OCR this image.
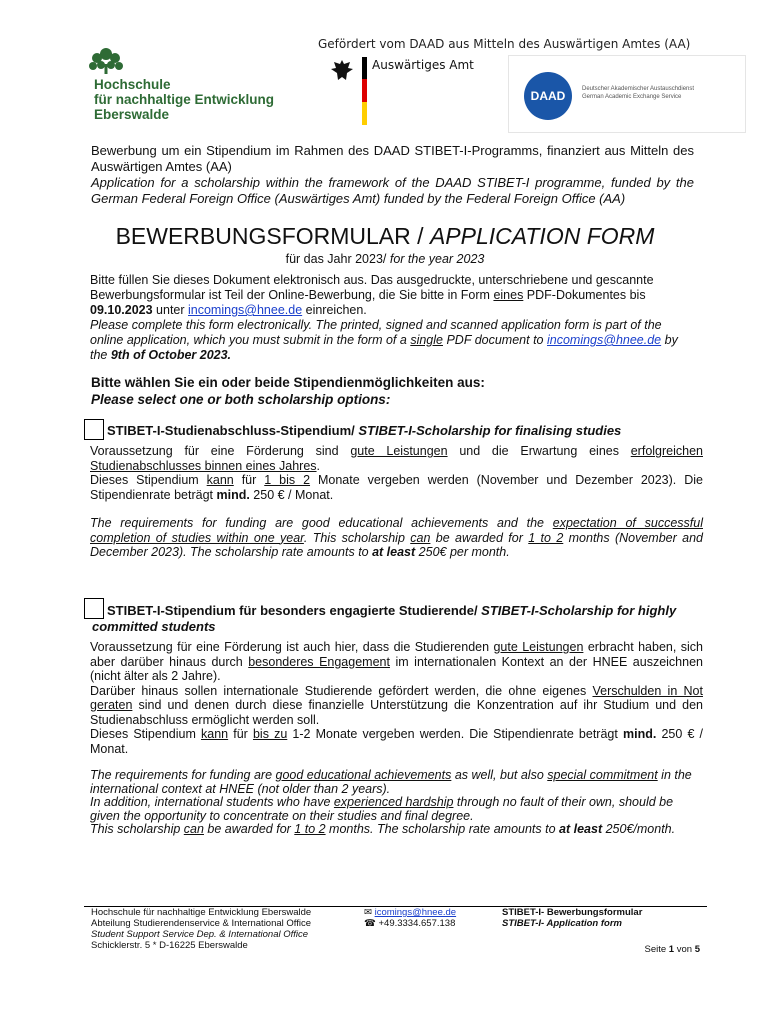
Gefördert vom DAAD aus Mitteln des Auswärtigen Amtes (AA)
Hochschule
für nachhaltige Entwicklung
Eberswalde
Auswärtiges Amt
DAAD	Deutscher Akademischer Austauschdienst
German Academic Exchange Service
Bewerbung um ein Stipendium im Rahmen des DAAD STIBET-I-Programms, finanziert aus Mitteln des Auswärtigen Amtes (AA)
Application for a scholarship within the framework of the DAAD STIBET-I programme, funded by the German Federal Foreign Office (Auswärtiges Amt) funded by the Federal Foreign Office (AA)
BEWERBUNGSFORMULAR / APPLICATION FORM
für das Jahr 2023/ for the year 2023
Bitte füllen Sie dieses Dokument elektronisch aus. Das ausgedruckte, unterschriebene und gescannte Bewerbungsformular ist Teil der Online-Bewerbung, die Sie bitte in Form eines PDF-Dokumentes bis 09.10.2023 unter incomings@hnee.de einreichen.
Please complete this form electronically. The printed, signed and scanned application form is part of the online application, which you must submit in the form of a single PDF document to incomings@hnee.de by the 9th of October 2023.
Bitte wählen Sie ein oder beide Stipendienmöglichkeiten aus:
Please select one or both scholarship options:
STIBET-I-Studienabschluss-Stipendium/ STIBET-I-Scholarship for finalising studies
Voraussetzung für eine Förderung sind gute Leistungen und die Erwartung eines erfolgreichen Studienabschlusses binnen eines Jahres.
Dieses Stipendium kann für 1 bis 2 Monate vergeben werden (November und Dezember 2023). Die Stipendienrate beträgt mind. 250 € / Monat.
The requirements for funding are good educational achievements and the expectation of successful completion of studies within one year. This scholarship can be awarded for 1 to 2 months (November and December 2023). The scholarship rate amounts to at least 250€ per month.
STIBET-I-Stipendium für besonders engagierte Studierende/ STIBET-I-Scholarship for highly committed students
Voraussetzung für eine Förderung ist auch hier, dass die Studierenden gute Leistungen erbracht haben, sich aber darüber hinaus durch besonderes Engagement im internationalen Kontext an der HNEE auszeichnen (nicht älter als 2 Jahre).
Darüber hinaus sollen internationale Studierende gefördert werden, die ohne eigenes Verschulden in Not geraten sind und denen durch diese finanzielle Unterstützung die Konzentration auf ihr Studium und den Studienabschluss ermöglicht werden soll.
Dieses Stipendium kann für bis zu 1-2 Monate vergeben werden. Die Stipendienrate beträgt mind. 250 € / Monat.
The requirements for funding are good educational achievements as well, but also special commitment in the international context at HNEE (not older than 2 years).
In addition, international students who have experienced hardship through no fault of their own, should be given the opportunity to concentrate on their studies and final degree.
This scholarship can be awarded for 1 to 2 months. The scholarship rate amounts to at least 250€/month.
Hochschule für nachhaltige Entwicklung Eberswalde
Abteilung Studierendenservice & International Office
Student Support Service Dep. & International Office
Schicklerstr. 5 * D-16225 Eberswalde
✉ icomings@hnee.de
☎ +49.3334.657.138
STIBET-I- Bewerbungsformular
STIBET-I- Application form
Seite 1 von 5
